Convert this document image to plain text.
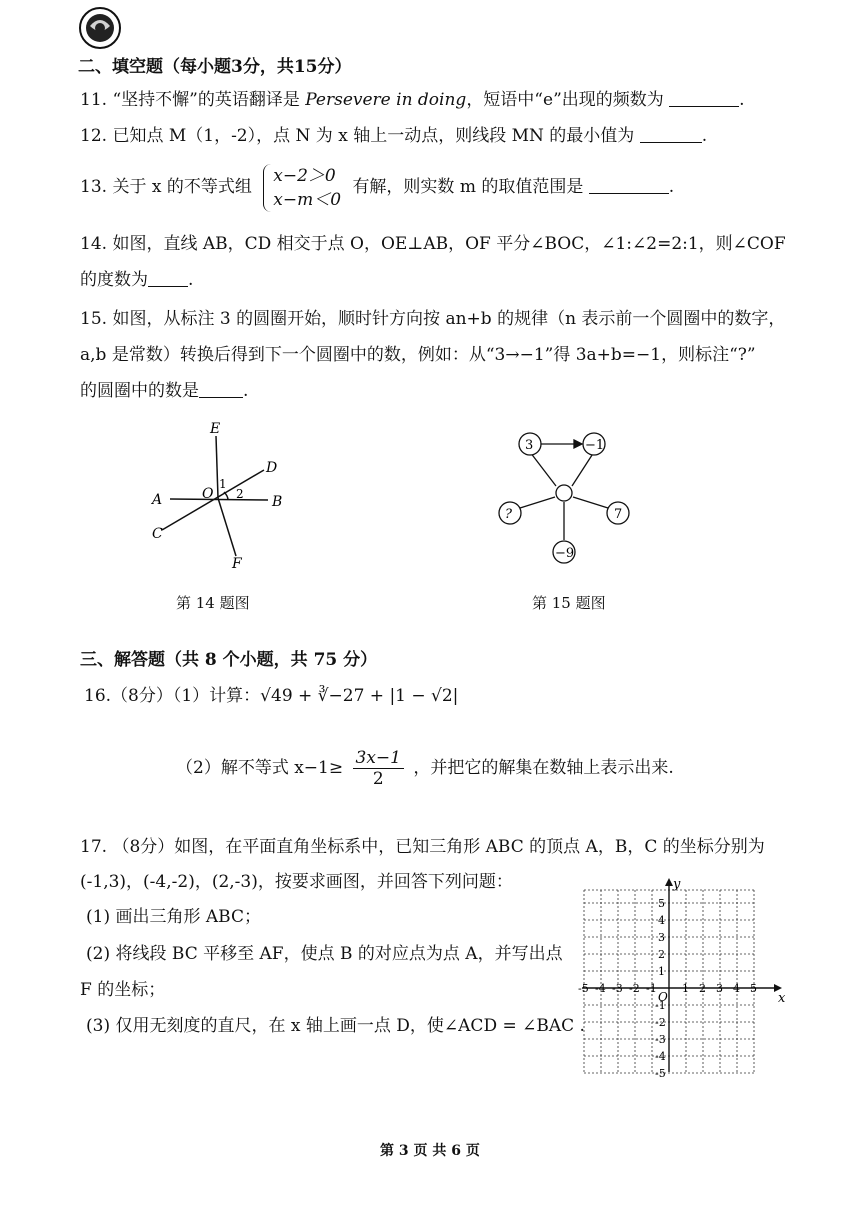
二、填空题（每小题3分，共15分）
11. “坚持不懈”的英语翻译是 Persevere in doing，短语中“e”出现的频数为	.
12. 已知点 M（1，-2），点 N 为 x 轴上一动点，则线段 MN 的最小值为	.
13. 关于 x 的不等式组
x−2＞0
x−m＜0
有解，则实数 m 的取值范围是	.
14. 如图，直线 AB，CD 相交于点 O，OE⊥AB，OF 平分∠BOC，∠1:∠2=2:1，则∠COF
的度数为 .
15. 如图，从标注 3 的圆圈开始，顺时针方向按 an+b 的规律（n 表示前一个圆圈中的数字，
a,b 是常数）转换后得到下一个圆圈中的数，例如：从“3→−1”得 3a+b=−1，则标注“?”
的圆圈中的数是	.
E
D
A	O
1
2 B
C
F
第 14 题图
3	−1
?	7
−9
第 15 题图
三、解答题（共 8 个小题，共 75 分）
16.（8分）（1）计算：√49 + ∛−27 + |1 − √2|
（2）解不等式 $x-1\ge \frac{3x-1}{2}$ ，并把它的解集在数轴上表示出来.
17. （8分）如图，在平面直角坐标系中，已知三角形 ABC 的顶点 A，B，C 的坐标分别为
(-1,3)，(-4,-2)，(2,-3)，按要求画图，并回答下列问题：
(1) 画出三角形 ABC；
(2) 将线段 BC 平移至 AF，使点 B 的对应点为点 A，并写出点
F 的坐标；
(3) 仅用无刻度的直尺，在 x 轴上画一点 D，使∠ACD = ∠BAC .
x
y
O
-5 -4 -3 -2 -1 1 2 3 4 5
1
2
3
4
5
-1
-2
-3
-4
-5
第 3 页 共 6 页
